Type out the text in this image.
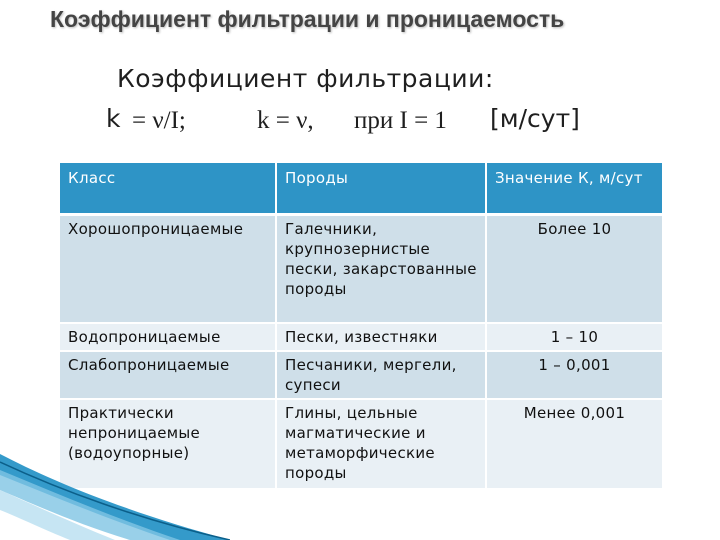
Коэффициент фильтрации и проницаемость
Коэффициент фильтрации:
k = ν/I;	k = ν, при I = 1 [м/сут]
Класс	Породы	Значение К, м/сут
Хорошопроницаемые	Галечники, крупнозернистые пески, закарстованные породы	Более 10
Водопроницаемые	Пески, известняки	1 – 10
Слабопроницаемые	Песчаники, мергели, супеси	1 – 0,001
Практически непроницаемые (водоупорные)	Глины, цельные магматические и метаморфические породы	Менее 0,001
